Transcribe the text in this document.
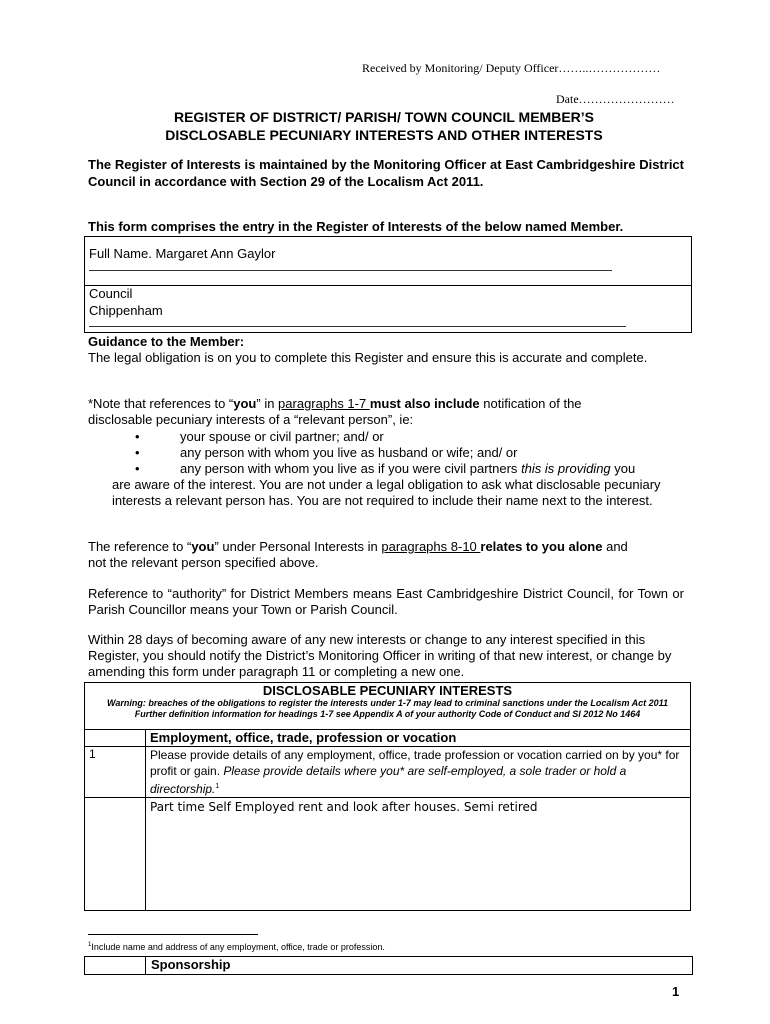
Received by Monitoring/ Deputy Officer……..………………
Date……………………
REGISTER OF DISTRICT/ PARISH/ TOWN COUNCIL MEMBER’S
DISCLOSABLE PECUNIARY INTERESTS AND OTHER INTERESTS
The Register of Interests is maintained by the Monitoring Officer at East Cambridgeshire District Council in accordance with Section 29 of the Localism Act 2011.
This form comprises the entry in the Register of Interests of the below named Member.
Full Name. Margaret Ann Gaylor
Council
Chippenham
Guidance to the Member:
The legal obligation is on you to complete this Register and ensure this is accurate and complete.
*Note that references to “you” in paragraphs 1-7 must also include notification of the
disclosable pecuniary interests of a “relevant person”, ie:
•	your spouse or civil partner; and/ or
•	any person with whom you live as husband or wife; and/ or
•	any person with whom you live as if you were civil partners this is providing you
are aware of the interest. You are not under a legal obligation to ask what disclosable pecuniary interests a relevant person has. You are not required to include their name next to the interest.
The reference to “you” under Personal Interests in paragraphs 8-10 relates to you alone and
not the relevant person specified above.
Reference to “authority” for District Members means East Cambridgeshire District Council, for Town or Parish Councillor means your Town or Parish Council.
Within 28 days of becoming aware of any new interests or change to any interest specified in this Register, you should notify the District’s Monitoring Officer in writing of that new interest, or change by amending this form under paragraph 11 or completing a new one.
DISCLOSABLE PECUNIARY INTERESTS
Warning: breaches of the obligations to register the interests under 1-7 may lead to criminal sanctions under the Localism Act 2011
Further definition information for headings 1-7 see Appendix A of your authority Code of Conduct and SI 2012 No 1464	

	Employment, office, trade, profession or vocation
1	Please provide details of any employment, office, trade profession or vocation carried on by you* for profit or gain. Please provide details where you* are self-employed, a sole trader or hold a directorship.$^1$
	Part time Self Employed rent and look after houses. Semi retired
$^1$Include name and address of any employment, office, trade or profession.
Sponsorship
1
